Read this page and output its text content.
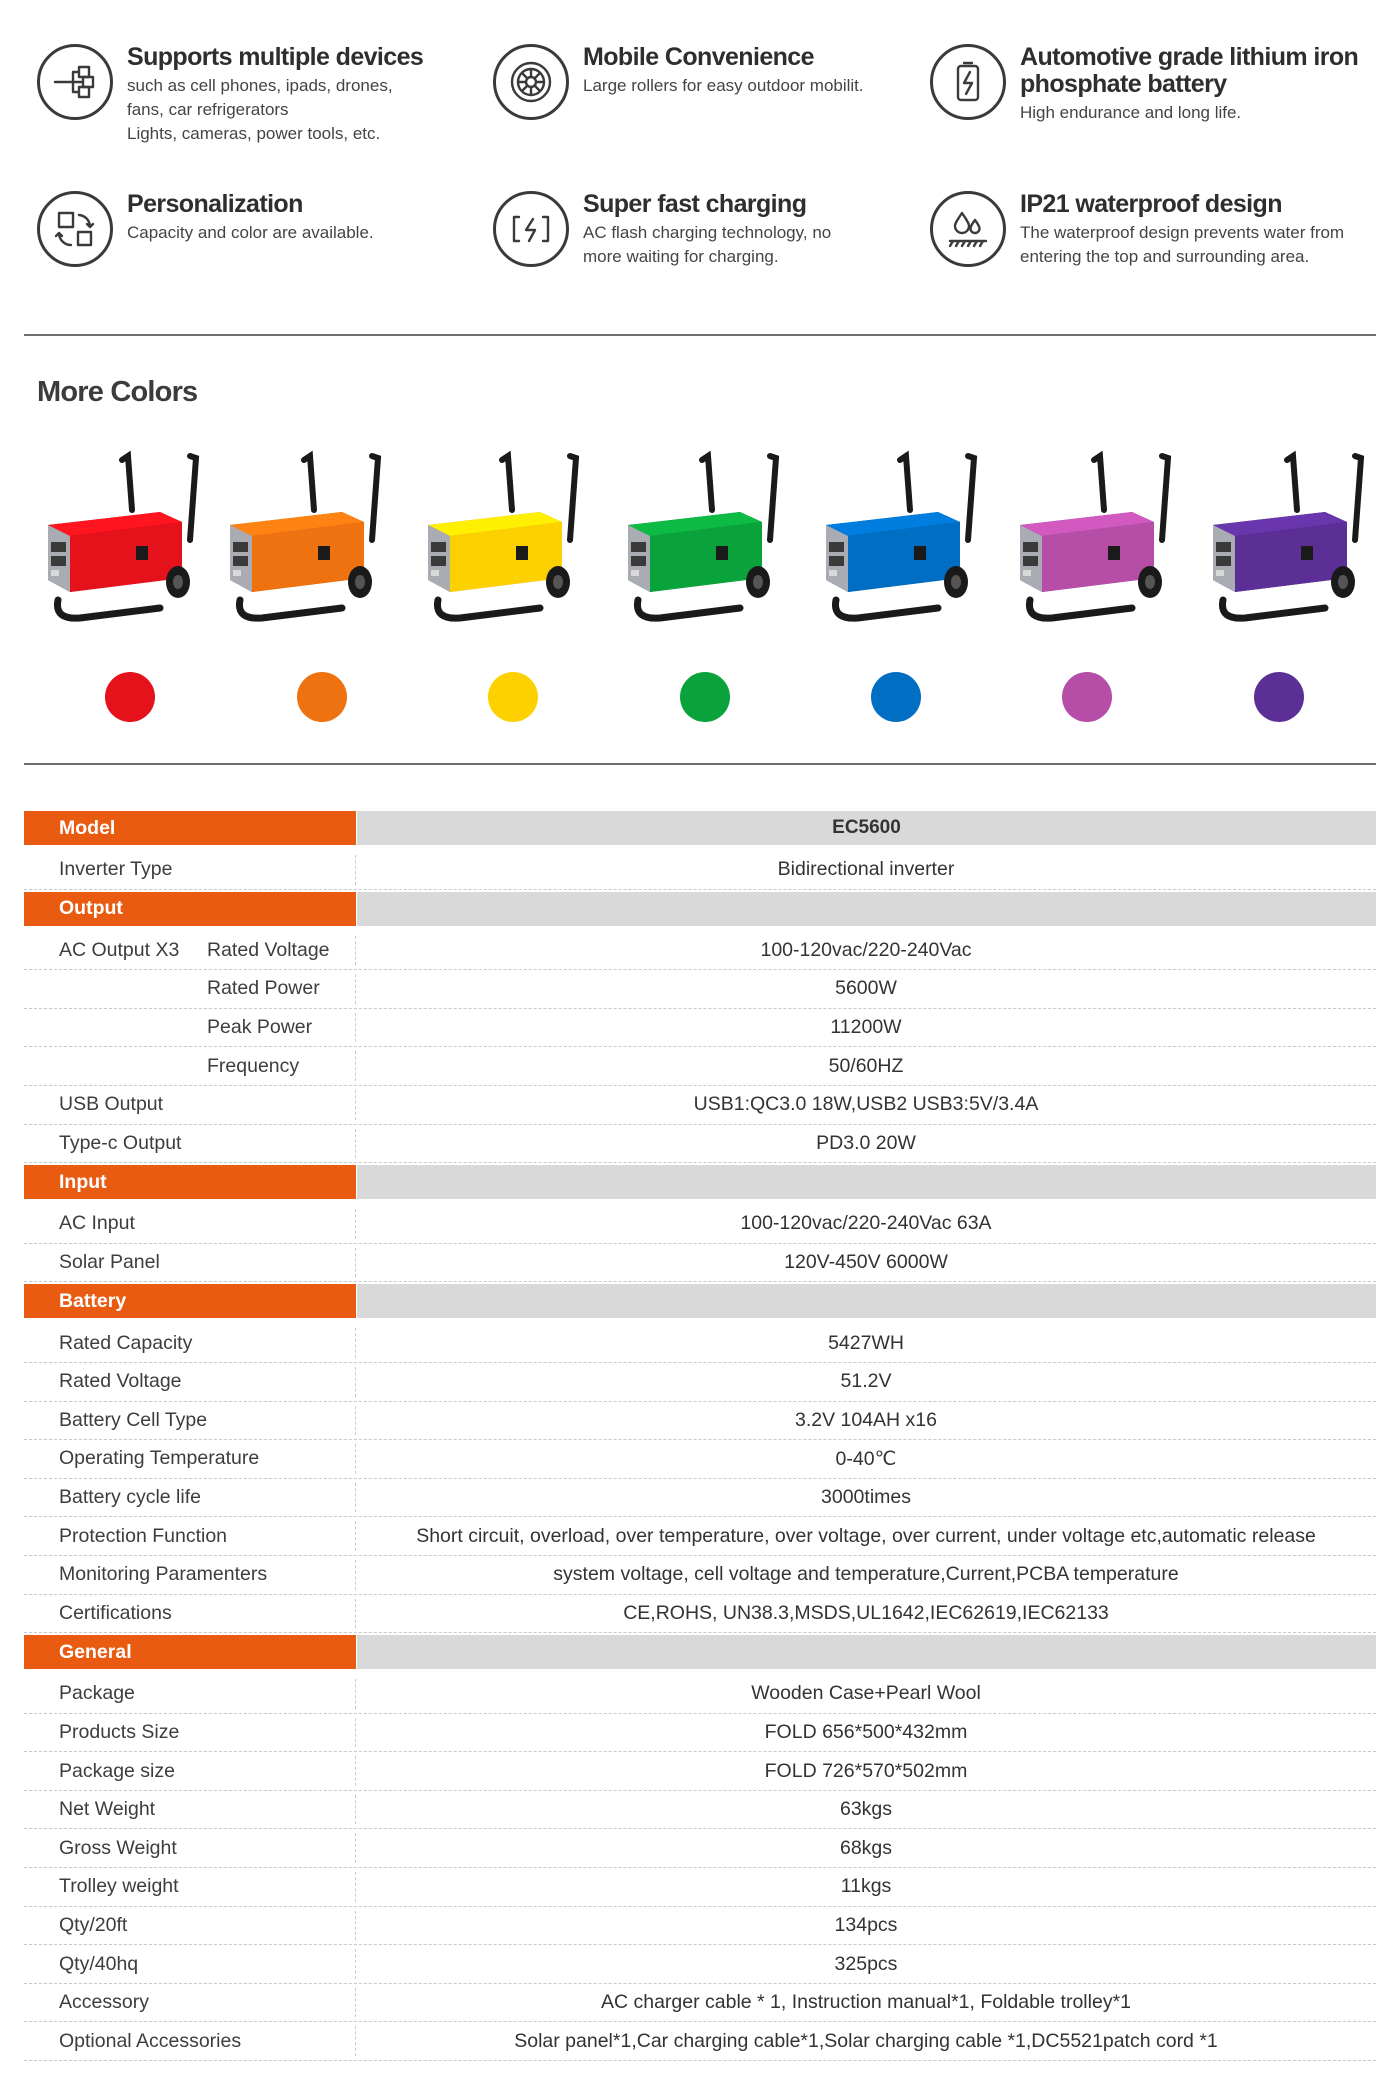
Supports multiple devices

such as cell phones, ipads, drones,
fans, car refrigerators
Lights, cameras, power tools, etc.

Mobile Convenience

Large rollers for easy outdoor mobilit.

Automotive grade lithium iron
phosphate battery

High endurance and long life.

Personalization

Capacity and color are available.

Super fast charging

AC flash charging technology, no
more waiting for charging.

IP21 waterproof design

The waterproof design prevents water from
entering the top and surrounding area.

More Colors
Model	EC5600
Inverter Type	Bidirectional inverter
Output
AC Output X3 Rated Voltage	100-120vac/220-240Vac
Rated Power	5600W
Peak Power	11200W
Frequency	50/60HZ
USB Output	USB1:QC3.0 18W,USB2 USB3:5V/3.4A
Type-c Output	PD3.0 20W
Input
AC Input	100-120vac/220-240Vac 63A
Solar Panel	120V-450V 6000W
Battery
Rated Capacity	5427WH
Rated Voltage	51.2V
Battery Cell Type	3.2V 104AH x16
Operating Temperature	0-40℃
Battery cycle life	3000times
Protection Function	Short circuit, overload, over temperature, over voltage, over current, under voltage etc,automatic release
Monitoring Paramenters	system voltage, cell voltage and temperature,Current,PCBA temperature
Certifications	CE,ROHS, UN38.3,MSDS,UL1642,IEC62619,IEC62133
General
Package	Wooden Case+Pearl Wool
Products Size	FOLD 656*500*432mm
Package size	FOLD 726*570*502mm
Net Weight	63kgs
Gross Weight	68kgs
Trolley weight	11kgs
Qty/20ft	134pcs
Qty/40hq	325pcs
Accessory	AC charger cable * 1, Instruction manual*1, Foldable trolley*1
Optional Accessories	Solar panel*1,Car charging cable*1,Solar charging cable *1,DC5521patch cord *1
